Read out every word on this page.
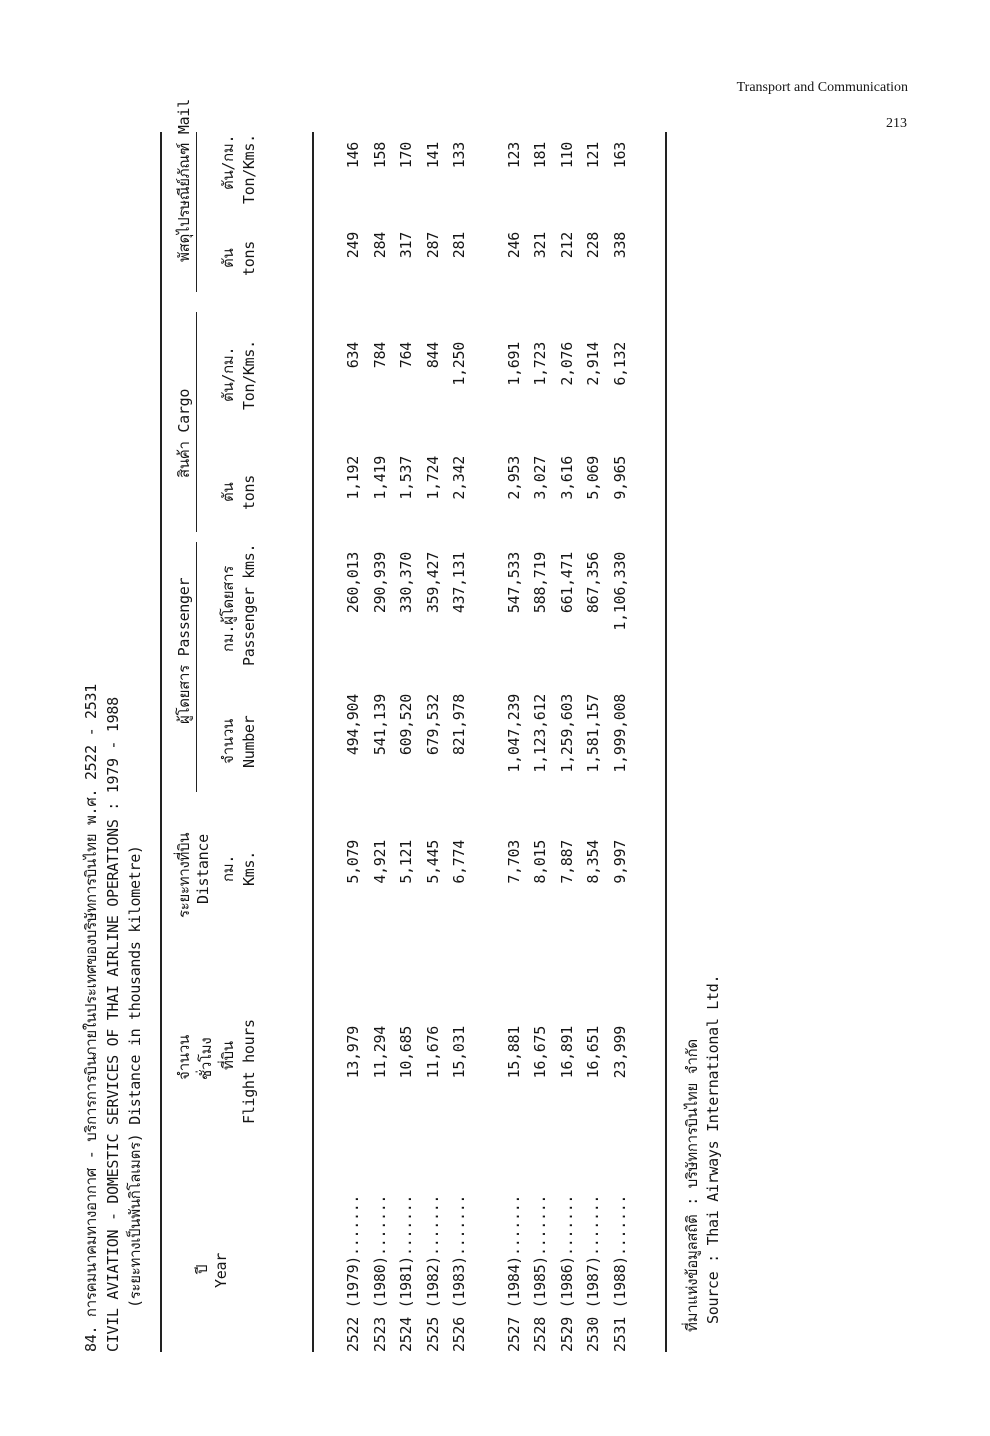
Transport and Communication
213
84. การคมนาคมทางอากาศ - บริการการบินภายในประเทศของบริษัทการบินไทย พ.ศ. 2522 - 2531 CIVIL AVIATION - DOMESTIC SERVICES OF THAI AIRLINE OPERATIONS : 1979 - 1988 (ระยะทางเป็นพันกิโลเมตร) Distance in thousands kilometre)	ปี Year
จำนวน ชั่วโมง ที่บิน Flight hours
ระยะทางที่บิน Distance กม. Kms.
ผู้โดยสาร Passenger
จำนวน Number
กม.ผู้โดยสาร Passenger kms.
สินค้า Cargo
ตัน tons
ตัน/กม. Ton/Kms.
พัสดุไปรษณีย์ภัณฑ์ Mail ตัน tons
ตัน/กม. Ton/Kms.
2522 (1979).......
13,979
5,079
494,904
260,013
1,192
634
249
146
2523 (1980).......
11,294
4,921
541,139
290,939
1,419
784
284
158
2524 (1981).......
10,685
5,121
609,520
330,370
1,537
764
317
170
2525 (1982).......
11,676
5,445
679,532
359,427
1,724
844
287
141
2526 (1983).......
15,031
6,774
821,978
437,131
2,342
1,250
281
133
2527 (1984).......
15,881
7,703
1,047,239
547,533
2,953
1,691
246
123
2528 (1985).......
16,675
8,015
1,123,612
588,719
3,027
1,723
321
181
2529 (1986).......
16,891
7,887
1,259,603
661,471
3,616
2,076
212
110
2530 (1987).......
16,651
8,354
1,581,157
867,356
5,069
2,914
228
121
2531 (1988).......
23,999
9,997
1,999,008
1,106,330
9,965
6,132
338
163
ที่มาแห่งข้อมูลสถิติ : บริษัทการบินไทย จำกัด Source : Thai Airways International Ltd.
